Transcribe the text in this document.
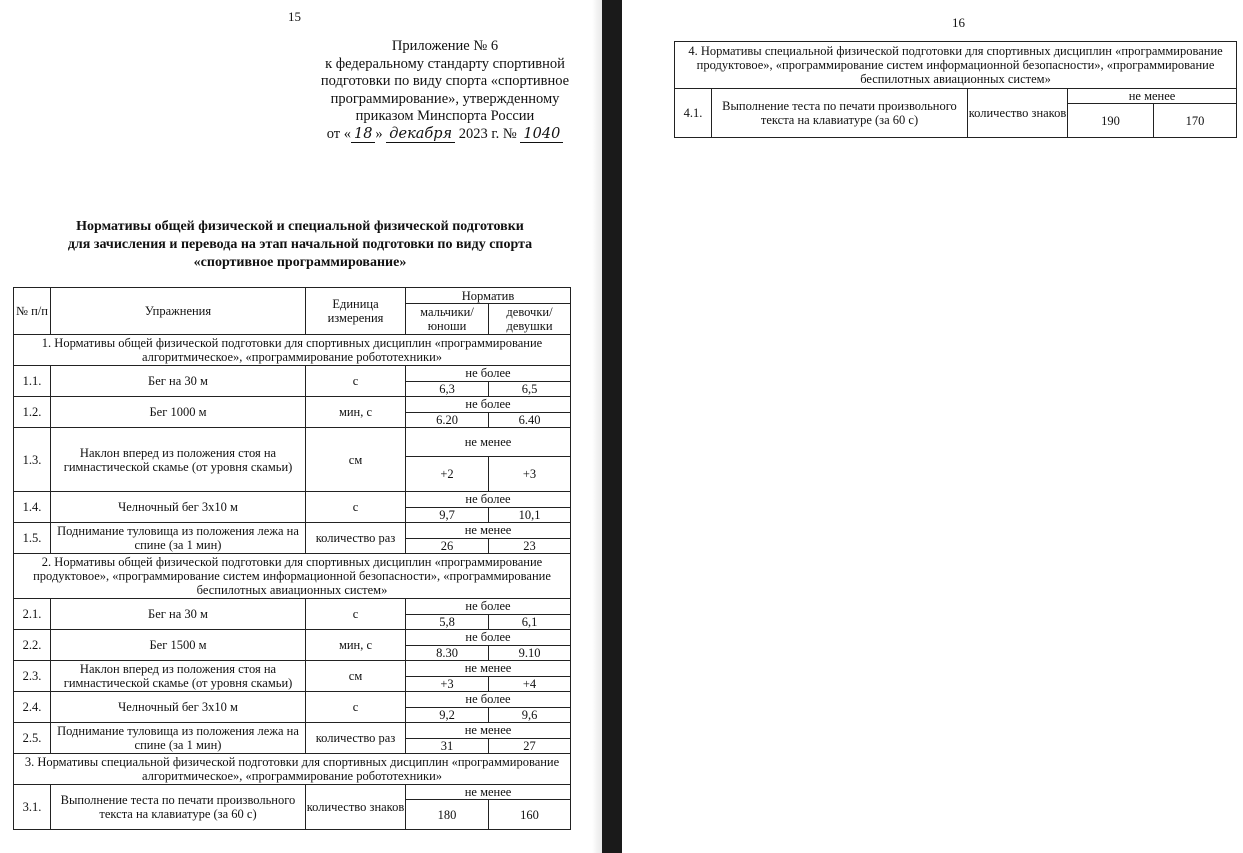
15
Приложение № 6
к федеральному стандарту спортивной
подготовки по виду спорта «спортивное
программирование», утвержденному
приказом Минспорта России
от « 18 » декабря 2023 г. № 1040
Нормативы общей физической и специальной физической подготовки
для зачисления и перевода на этап начальной подготовки по виду спорта
«спортивное программирование»
№ п/п	Упражнения	Единица измерения	Норматив	
			мальчики/ юноши	девочки/ девушки
1. Нормативы общей физической подготовки для спортивных дисциплин «программирование алгоритмическое», «программирование робототехники»				
1.1.	Бег на 30 м	с	не более	
			6,3	6,5
1.2.	Бег 1000 м	мин, с	не более	
			6.20	6.40
1.3.	Наклон вперед из положения стоя на гимнастической скамье (от уровня скамьи)	см	не менее	
			+2	+3
1.4.	Челночный бег 3x10 м	с	не более	
			9,7	10,1
1.5.	Поднимание туловища из положения лежа на спине (за 1 мин)	количество раз	не менее	
			26	23
2. Нормативы общей физической подготовки для спортивных дисциплин «программирование продуктовое», «программирование систем информационной безопасности», «программирование беспилотных авиационных систем»				
2.1.	Бег на 30 м	с	не более	
			5,8	6,1
2.2.	Бег 1500 м	мин, с	не более	
			8.30	9.10
2.3.	Наклон вперед из положения стоя на гимнастической скамье (от уровня скамьи)	см	не менее	
			+3	+4
2.4.	Челночный бег 3x10 м	с	не более	
			9,2	9,6
2.5.	Поднимание туловища из положения лежа на спине (за 1 мин)	количество раз	не менее	
			31	27
3. Нормативы специальной физической подготовки для спортивных дисциплин «программирование алгоритмическое», «программирование робототехники»				
3.1.	Выполнение теста по печати произвольного текста на клавиатуре (за 60 с)	количество знаков	не менее	
			180	160
16
4. Нормативы специальной физической подготовки для спортивных дисциплин «программирование продуктовое», «программирование систем информационной безопасности», «программирование беспилотных авиационных систем»				
4.1.	Выполнение теста по печати произвольного текста на клавиатуре (за 60 с)	количество знаков	не менее	
			190	170
